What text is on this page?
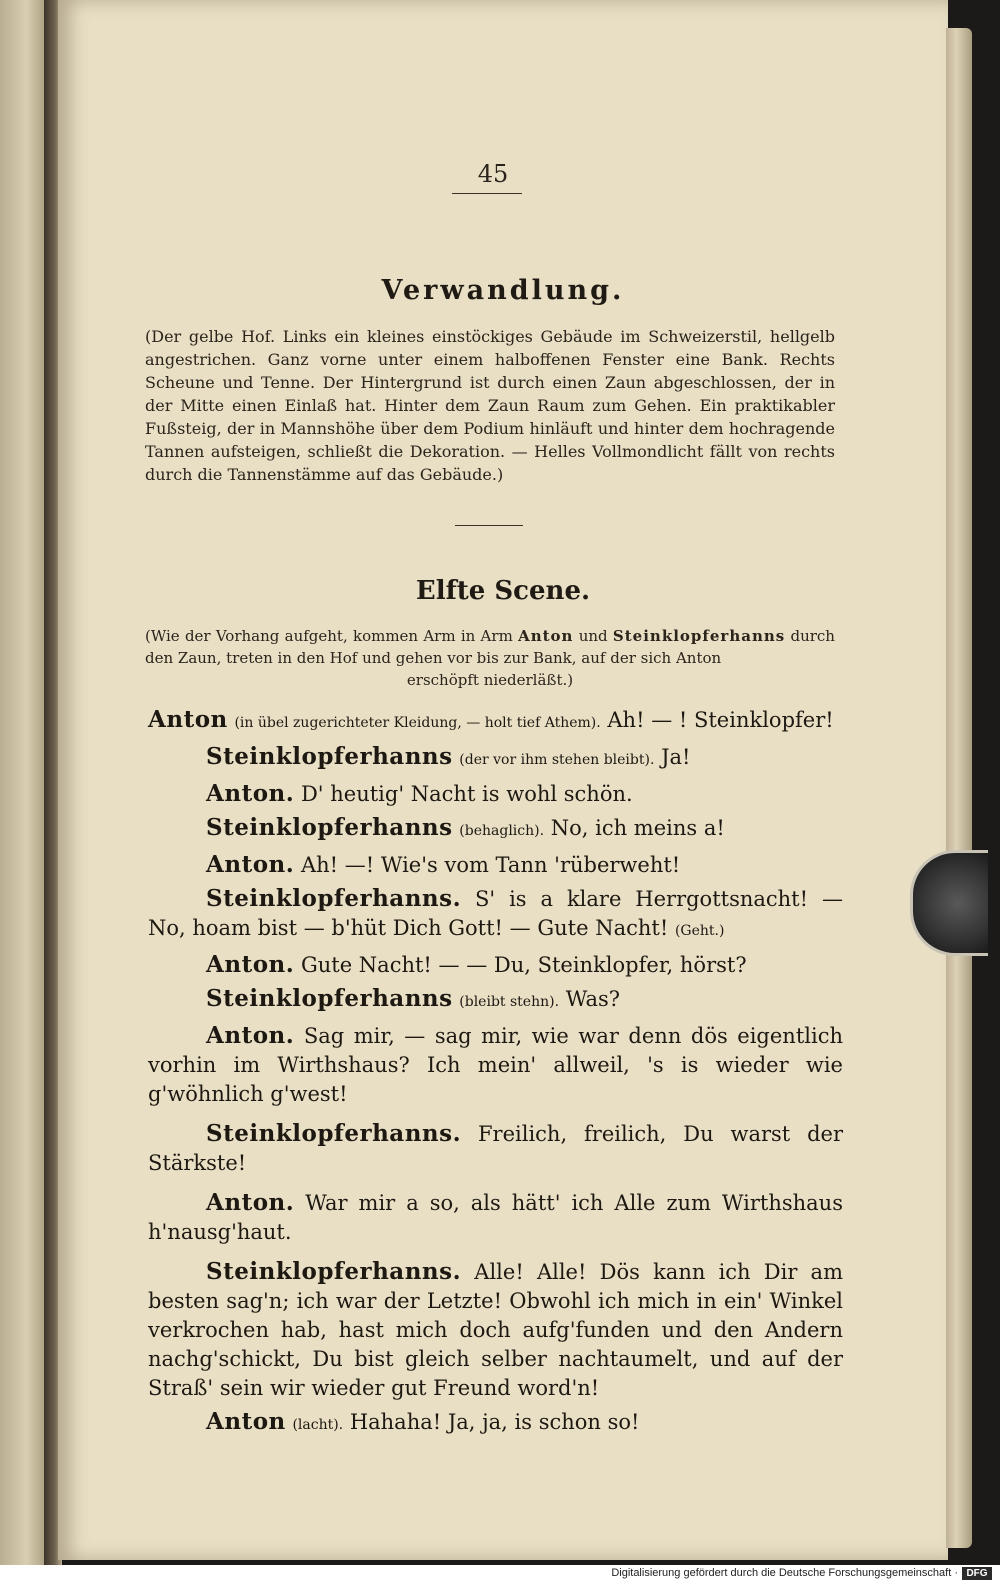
45
Verwandlung.
(Der gelbe Hof. Links ein kleines einstöckiges Gebäude im Schweizerstil, hellgelb angestrichen. Ganz vorne unter einem halboffenen Fenster eine Bank. Rechts Scheune und Tenne. Der Hintergrund ist durch einen Zaun abgeschlossen, der in der Mitte einen Einlaß hat. Hinter dem Zaun Raum zum Gehen. Ein praktikabler Fußsteig, der in Mannshöhe über dem Podium hinläuft und hinter dem hochragende Tannen aufsteigen, schließt die Dekoration. — Helles Vollmondlicht fällt von rechts durch die Tannenstämme auf das Gebäude.)
Elfte Scene.
(Wie der Vorhang aufgeht, kommen Arm in Arm Anton und Steinklopferhanns durch den Zaun, treten in den Hof und gehen vor bis zur Bank, auf der sich Anton
erschöpft niederläßt.)

Anton (in übel zugerichteter Kleidung, — holt tief Athem). Ah! — ! Steinklopfer!

Steinklopferhanns (der vor ihm stehen bleibt). Ja!

Anton. D' heutig' Nacht is wohl schön.

Steinklopferhanns (behaglich). No, ich meins a!

Anton. Ah! —! Wie's vom Tann 'rüberweht!

Steinklopferhanns. S' is a klare Herrgottsnacht! — No, hoam bist — b'hüt Dich Gott! — Gute Nacht! (Geht.)

Anton. Gute Nacht! — — Du, Steinklopfer, hörst?

Steinklopferhanns (bleibt stehn). Was?

Anton. Sag mir, — sag mir, wie war denn dös eigentlich vorhin im Wirthshaus? Ich mein' allweil, 's is wieder wie g'wöhnlich g'west!

Steinklopferhanns. Freilich, freilich, Du warst der Stärkste!

Anton. War mir a so, als hätt' ich Alle zum Wirthshaus h'nausg'haut.

Steinklopferhanns. Alle! Alle! Dös kann ich Dir am besten sag'n; ich war der Letzte! Obwohl ich mich in ein' Winkel verkrochen hab, hast mich doch aufg'funden und den Andern nachg'schickt, Du bist gleich selber nachtaumelt, und auf der Straß' sein wir wieder gut Freund word'n!

Anton (lacht). Hahaha! Ja, ja, is schon so!

Digitalisierung gefördert durch die Deutsche Forschungsgemeinschaft · DFG
